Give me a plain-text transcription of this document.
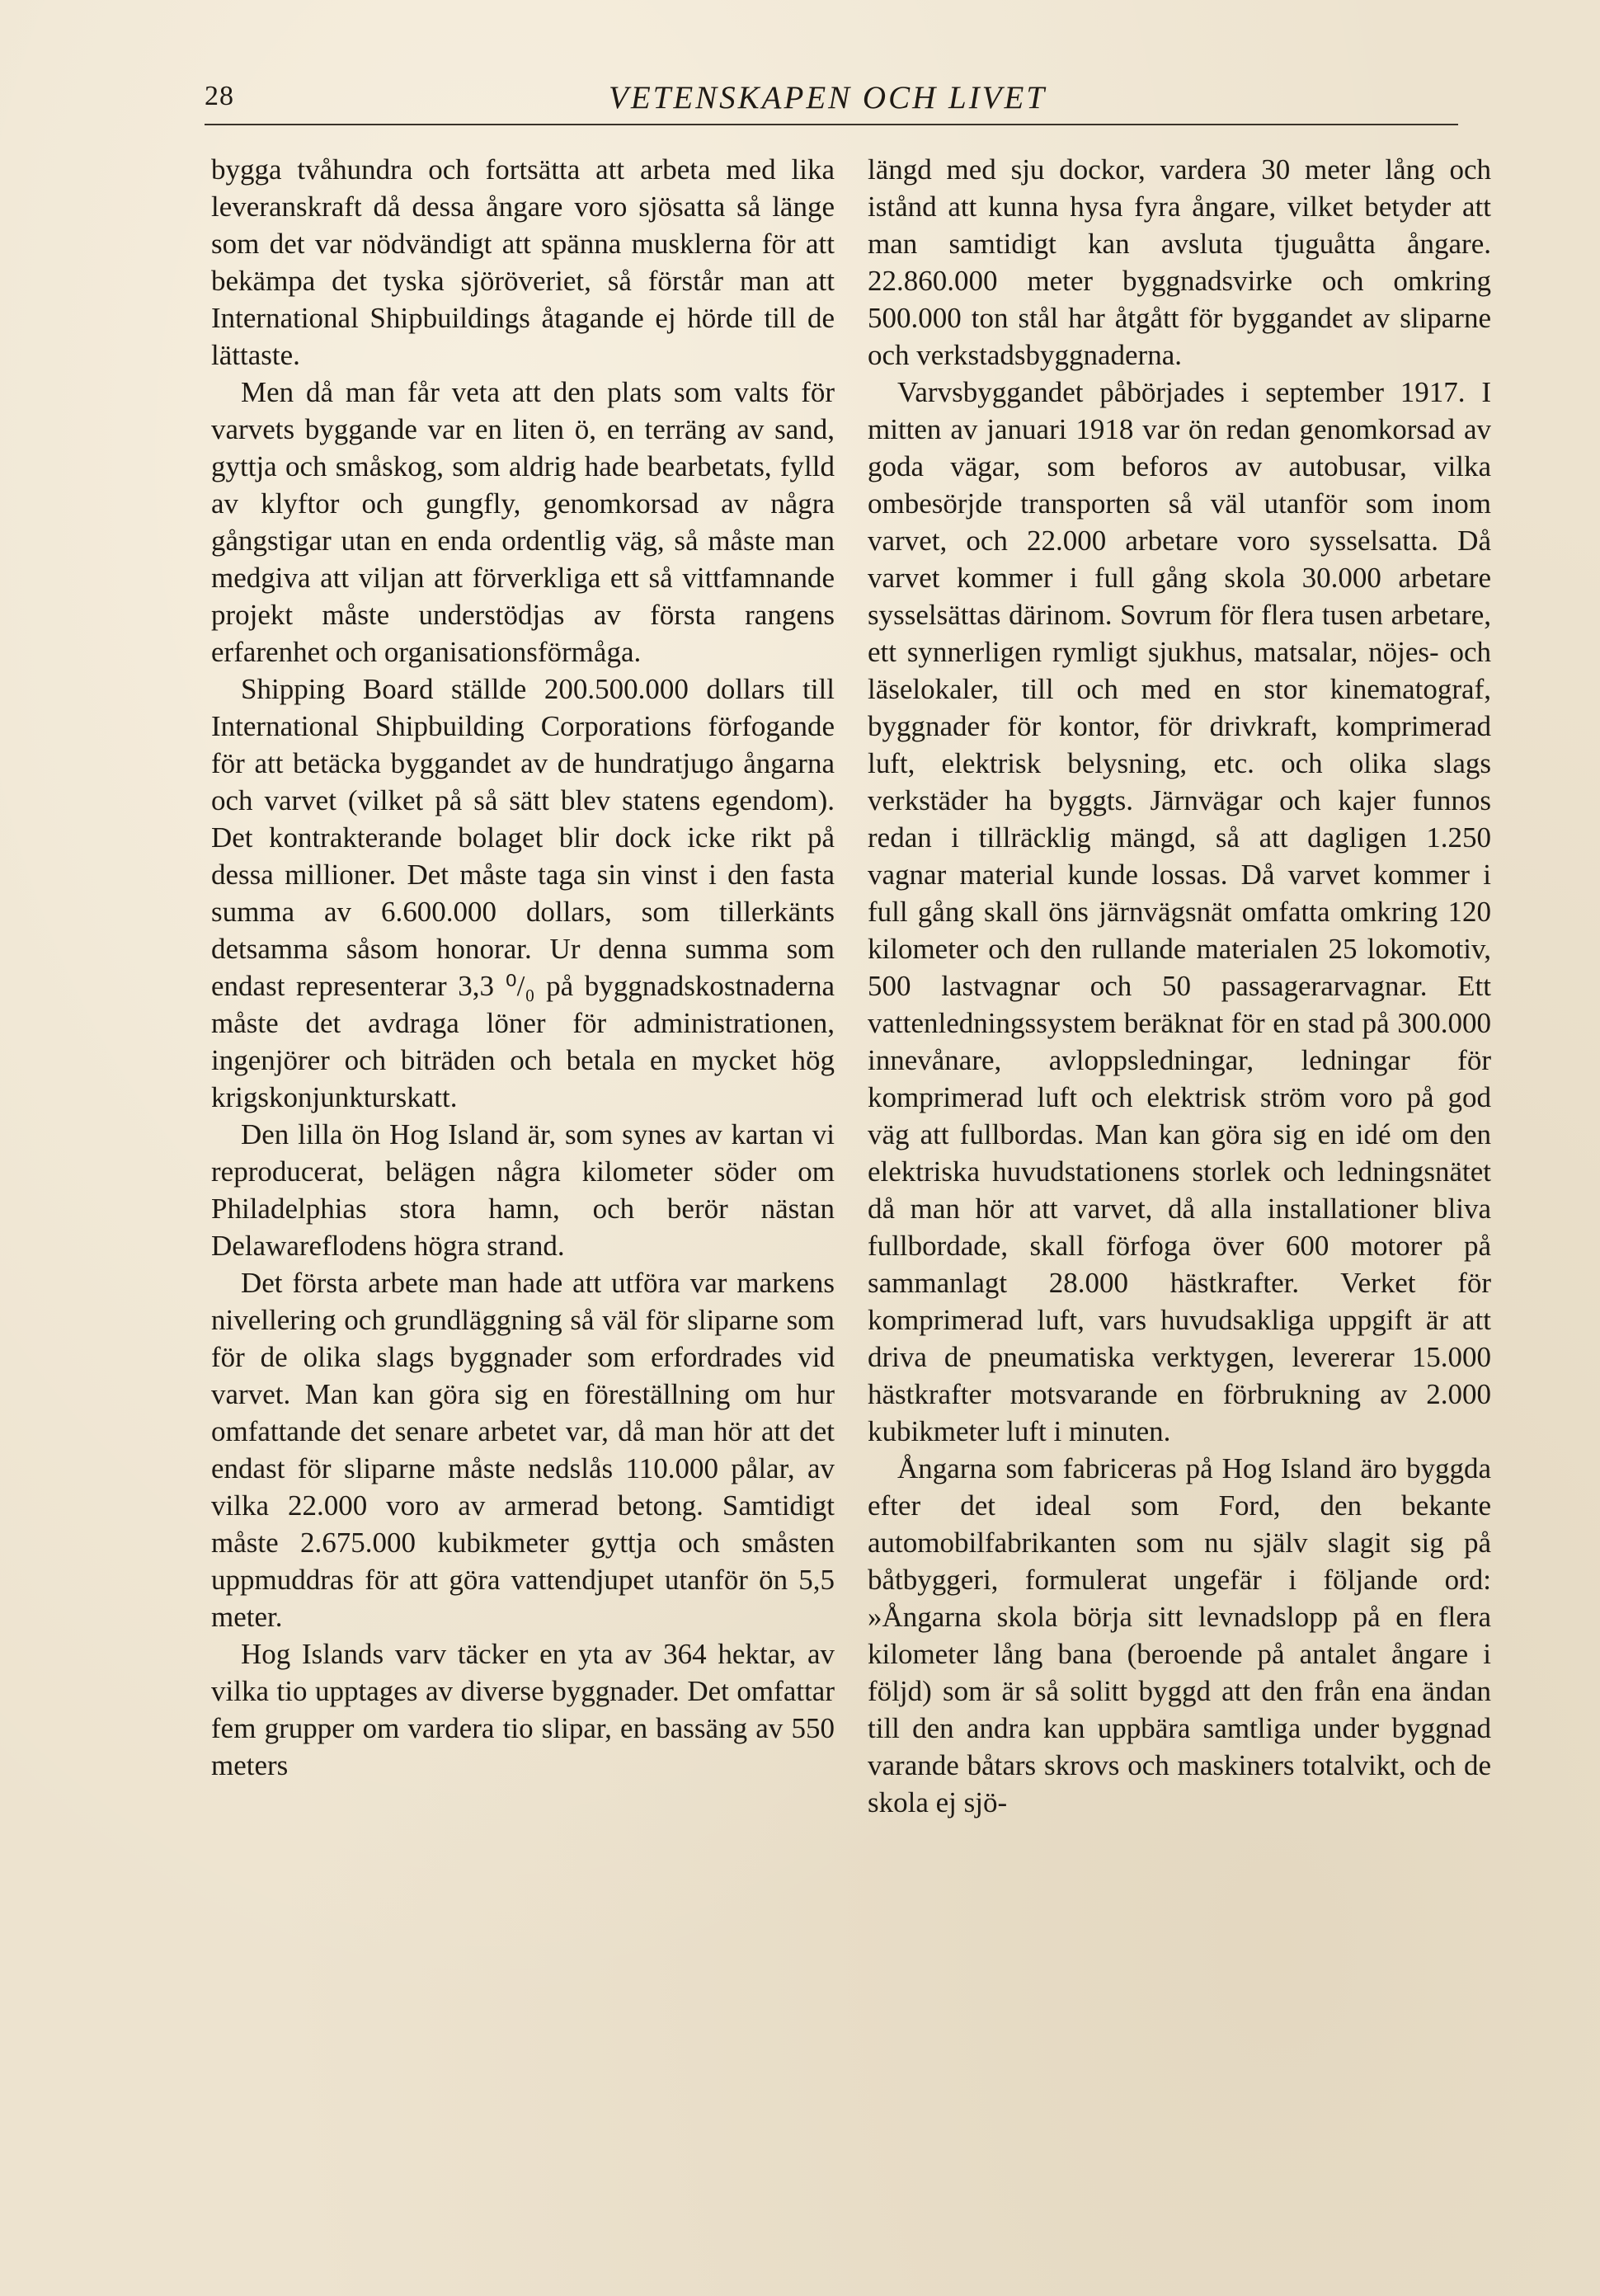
28	VETENSKAPEN OCH LIVET

bygga tvåhundra och fortsätta att arbeta med lika leveranskraft då dessa ångare voro sjösatta så länge som det var nödvändigt att spänna musklerna för att bekämpa det tyska sjöröveriet, så förstår man att International Shipbuildings åtagande ej hörde till de lättaste.

Men då man får veta att den plats som valts för varvets byggande var en liten ö, en terräng av sand, gyttja och småskog, som aldrig hade bearbetats, fylld av klyftor och gungfly, genomkorsad av några gångstigar utan en enda ordentlig väg, så måste man medgiva att viljan att förverkliga ett så vittfamnande projekt måste understödjas av första rangens erfarenhet och organisationsförmåga.

Shipping Board ställde 200.500.000 dollars till International Shipbuilding Corporations förfogande för att betäcka byggandet av de hundratjugo ångarna och varvet (vilket på så sätt blev statens egendom). Det kontrakterande bolaget blir dock icke rikt på dessa millioner. Det måste taga sin vinst i den fasta summa av 6.600.000 dollars, som tillerkänts detsamma såsom honorar. Ur denna summa som endast representerar 3,3 ⁰/₀ på byggnadskostnaderna måste det avdraga löner för administrationen, ingenjörer och biträden och betala en mycket hög krigskonjunkturskatt.

Den lilla ön Hog Island är, som synes av kartan vi reproducerat, belägen några kilometer söder om Philadelphias stora hamn, och berör nästan Delawareflodens högra strand.

Det första arbete man hade att utföra var markens nivellering och grundläggning så väl för sliparne som för de olika slags byggnader som erfordrades vid varvet. Man kan göra sig en föreställning om hur omfattande det senare arbetet var, då man hör att det endast för sliparne måste nedslås 110.000 pålar, av vilka 22.000 voro av armerad betong. Samtidigt måste 2.675.000 kubikmeter gyttja och småsten uppmuddras för att göra vattendjupet utanför ön 5,5 meter.

Hog Islands varv täcker en yta av 364 hektar, av vilka tio upptages av diverse byggnader. Det omfattar fem grupper om vardera tio slipar, en bassäng av 550 meters

längd med sju dockor, vardera 30 meter lång och istånd att kunna hysa fyra ångare, vilket betyder att man samtidigt kan avsluta tjuguåtta ångare. 22.860.000 meter byggnadsvirke och omkring 500.000 ton stål har åtgått för byggandet av sliparne och verkstadsbyggnaderna.

Varvsbyggandet påbörjades i september 1917. I mitten av januari 1918 var ön redan genomkorsad av goda vägar, som beforos av autobusar, vilka ombesörjde transporten så väl utanför som inom varvet, och 22.000 arbetare voro sysselsatta. Då varvet kommer i full gång skola 30.000 arbetare sysselsättas därinom. Sovrum för flera tusen arbetare, ett synnerligen rymligt sjukhus, matsalar, nöjes- och läselokaler, till och med en stor kinematograf, byggnader för kontor, för drivkraft, komprimerad luft, elektrisk belysning, etc. och olika slags verkstäder ha byggts. Järnvägar och kajer funnos redan i tillräcklig mängd, så att dagligen 1.250 vagnar material kunde lossas. Då varvet kommer i full gång skall öns järnvägsnät omfatta omkring 120 kilometer och den rullande materialen 25 lokomotiv, 500 lastvagnar och 50 passagerarvagnar. Ett vattenledningssystem beräknat för en stad på 300.000 innevånare, avloppsledningar, ledningar för komprimerad luft och elektrisk ström voro på god väg att fullbordas. Man kan göra sig en idé om den elektriska huvudstationens storlek och ledningsnätet då man hör att varvet, då alla installationer bliva fullbordade, skall förfoga över 600 motorer på sammanlagt 28.000 hästkrafter. Verket för komprimerad luft, vars huvudsakliga uppgift är att driva de pneumatiska verktygen, levererar 15.000 hästkrafter motsvarande en förbrukning av 2.000 kubikmeter luft i minuten.

Ångarna som fabriceras på Hog Island äro byggda efter det ideal som Ford, den bekante automobilfabrikanten som nu själv slagit sig på båtbyggeri, formulerat ungefär i följande ord: »Ångarna skola börja sitt levnadslopp på en flera kilometer lång bana (beroende på antalet ångare i följd) som är så solitt byggd att den från ena ändan till den andra kan uppbära samtliga under byggnad varande båtars skrovs och maskiners totalvikt, och de skola ej sjö-
